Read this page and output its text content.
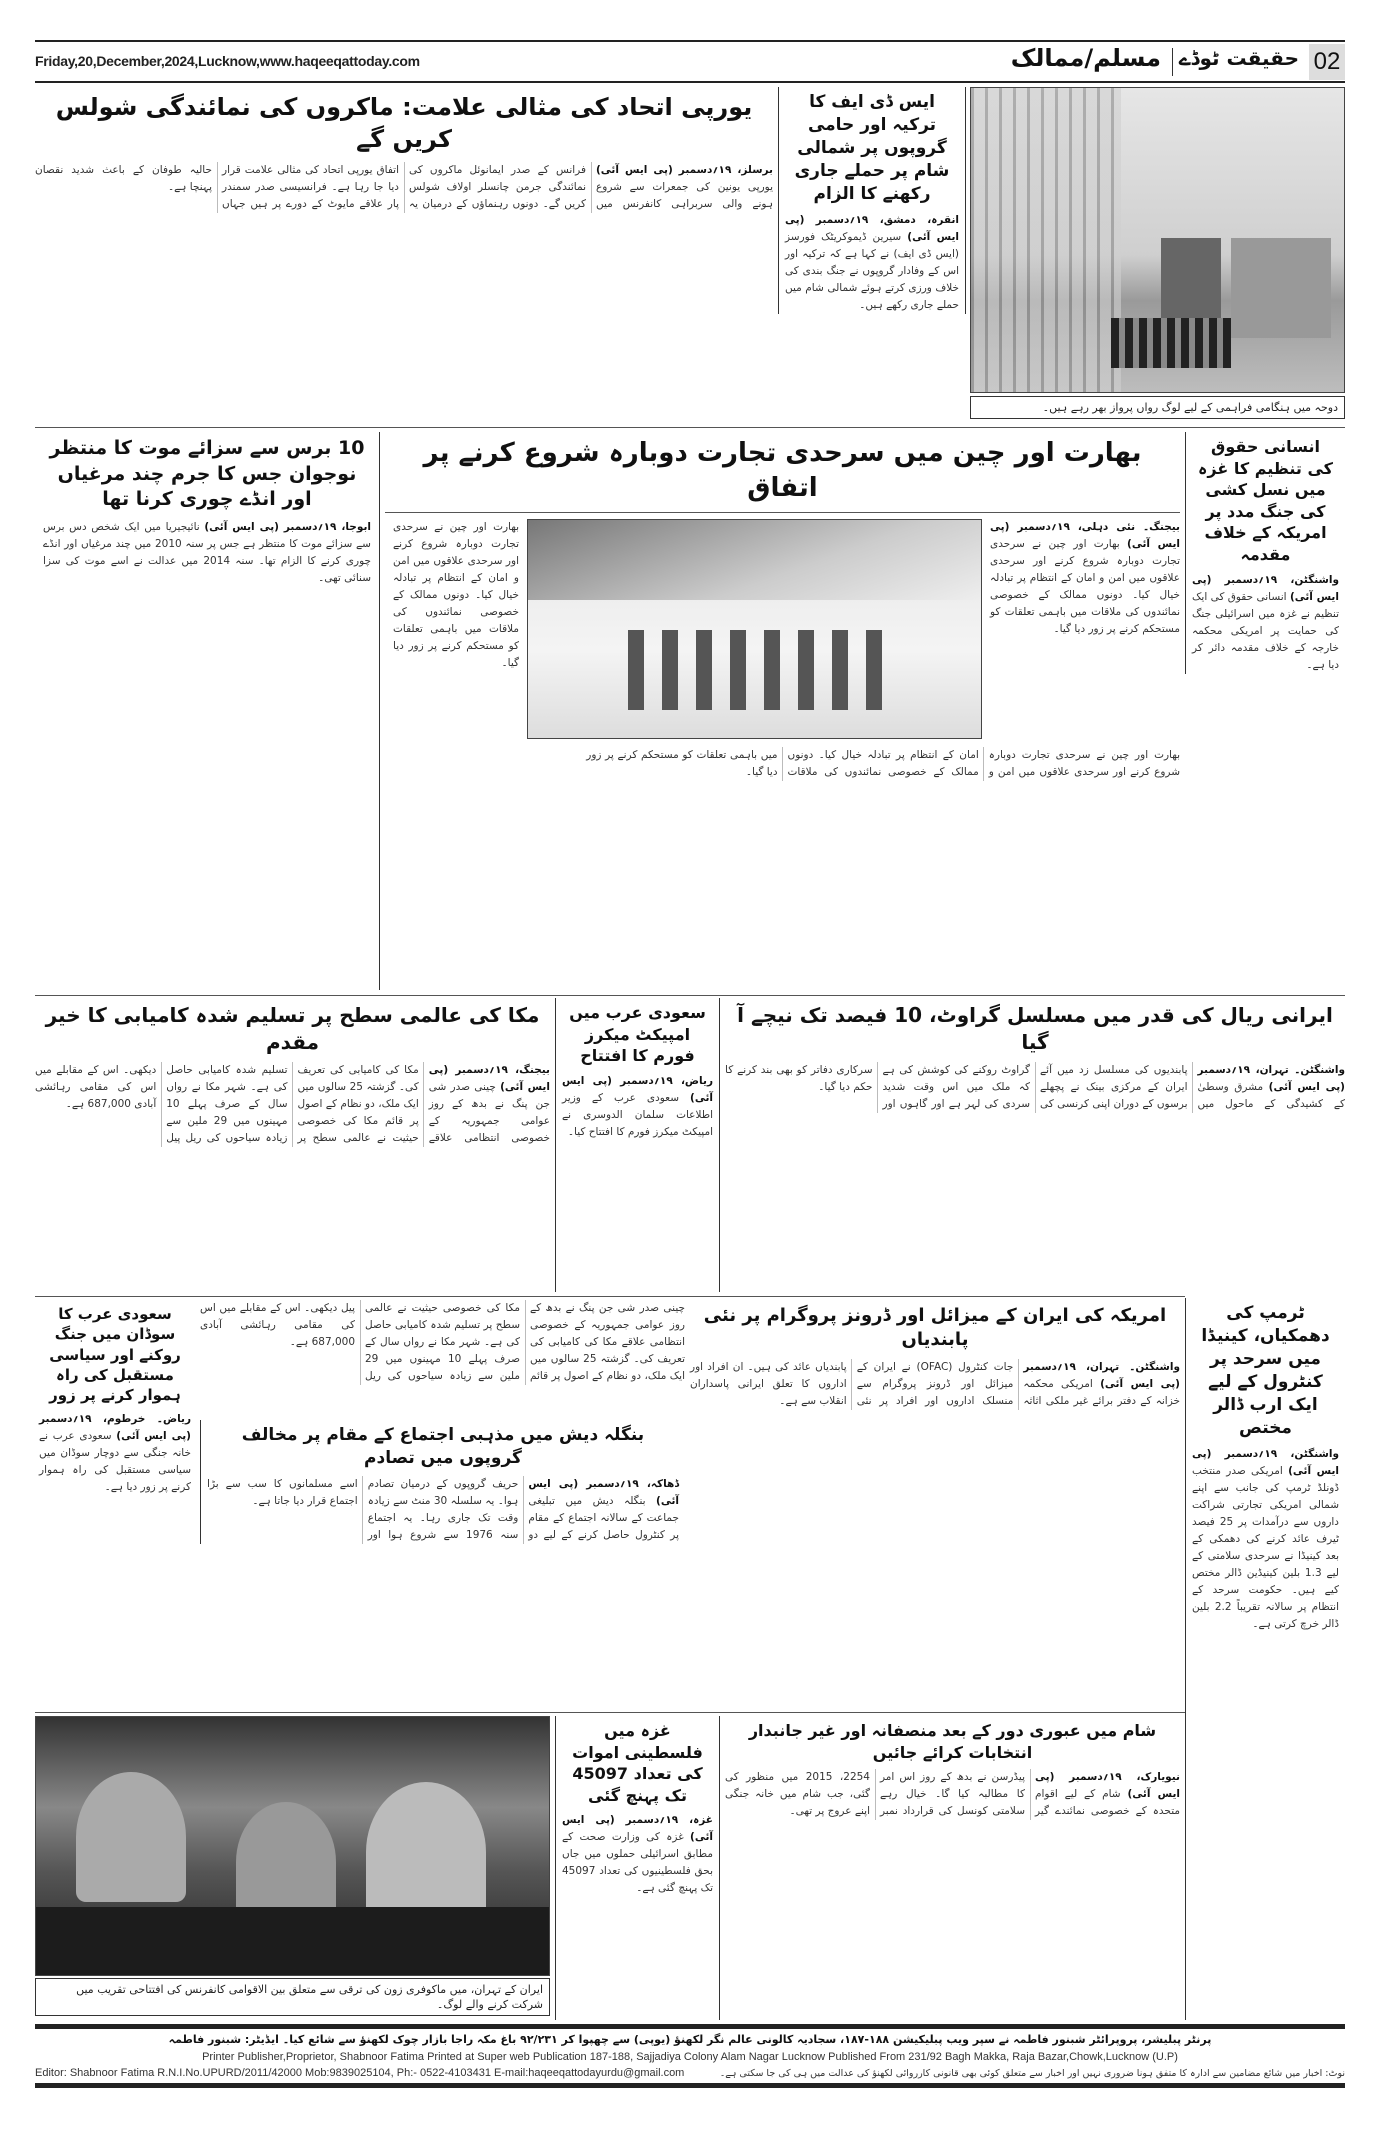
Friday,20,December,2024,Lucknow,www.haqeeqattoday.com	02
حقیقت ٹوڈے
مسلم/ممالک
دوحہ میں ہنگامی فراہمی کے لیے لوگ رواں پرواز بھر رہے ہیں۔
ایس ڈی ایف کا ترکیہ اور حامی گروپوں پر شمالی شام پر حملے جاری رکھنے کا الزام
انقرہ، دمشق، ۱۹؍دسمبر (پی ایس آئی) سیرین ڈیموکریٹک فورسز (ایس ڈی ایف) نے کہا ہے کہ ترکیہ اور اس کے وفادار گروپوں نے جنگ بندی کی خلاف ورزی کرتے ہوئے شمالی شام میں حملے جاری رکھے ہیں۔
یورپی اتحاد کی مثالی علامت: ماکروں کی نمائندگی شولس کریں گے
برسلز، ۱۹؍دسمبر (پی ایس آئی) یورپی یونین کی جمعرات سے شروع ہونے والی سربراہی کانفرنس میں فرانس کے صدر ایمانوئل ماکروں کی نمائندگی جرمن چانسلر اولاف شولس کریں گے۔ دونوں رہنماؤں کے درمیان یہ اتفاق یورپی اتحاد کی مثالی علامت قرار دیا جا رہا ہے۔ فرانسیسی صدر سمندر پار علاقے مایوٹ کے دورے پر ہیں جہاں حالیہ طوفان کے باعث شدید نقصان پہنچا ہے۔
انسانی حقوق کی تنظیم کا غزہ میں نسل کشی کی جنگ مدد پر امریکہ کے خلاف مقدمہ
واشنگٹن، ۱۹؍دسمبر (پی ایس آئی) انسانی حقوق کی ایک تنظیم نے غزہ میں اسرائیلی جنگ کی حمایت پر امریکی محکمہ خارجہ کے خلاف مقدمہ دائر کر دیا ہے۔
بھارت اور چین میں سرحدی تجارت دوبارہ شروع کرنے پر اتفاق
بیجنگ۔ نئی دہلی، ۱۹؍دسمبر (پی ایس آئی) بھارت اور چین نے سرحدی تجارت دوبارہ شروع کرنے اور سرحدی علاقوں میں امن و امان کے انتظام پر تبادلہ خیال کیا۔ دونوں ممالک کے خصوصی نمائندوں کی ملاقات میں باہمی تعلقات کو مستحکم کرنے پر زور دیا گیا۔
بھارت اور چین نے سرحدی تجارت دوبارہ شروع کرنے اور سرحدی علاقوں میں امن و امان کے انتظام پر تبادلہ خیال کیا۔ دونوں ممالک کے خصوصی نمائندوں کی ملاقات میں باہمی تعلقات کو مستحکم کرنے پر زور دیا گیا۔
بھارت اور چین نے سرحدی تجارت دوبارہ شروع کرنے اور سرحدی علاقوں میں امن و امان کے انتظام پر تبادلہ خیال کیا۔ دونوں ممالک کے خصوصی نمائندوں کی ملاقات میں باہمی تعلقات کو مستحکم کرنے پر زور دیا گیا۔
10 برس سے سزائے موت کا منتظر نوجوان جس کا جرم چند مرغیاں اور انڈے چوری کرنا تھا
ابوجا، ۱۹؍دسمبر (پی ایس آئی) نائیجیریا میں ایک شخص دس برس سے سزائے موت کا منتظر ہے جس پر سنہ 2010 میں چند مرغیاں اور انڈے چوری کرنے کا الزام تھا۔ سنہ 2014 میں عدالت نے اسے موت کی سزا سنائی تھی۔
ایرانی ریال کی قدر میں مسلسل گراوٹ، 10 فیصد تک نیچے آ گیا
واشنگٹن۔ تہران، ۱۹؍دسمبر (پی ایس آئی) مشرق وسطیٰ کے کشیدگی کے ماحول میں پابندیوں کی مسلسل زد میں آئے ایران کے مرکزی بینک نے پچھلے برسوں کے دوران اپنی کرنسی کی گراوٹ روکنے کی کوشش کی ہے کہ ملک میں اس وقت شدید سردی کی لہر ہے اور گاہوں اور سرکاری دفاتر کو بھی بند کرنے کا حکم دیا گیا۔
سعودی عرب میں امپیکٹ میکرز فورم کا افتتاح
ریاض، ۱۹؍دسمبر (پی ایس آئی) سعودی عرب کے وزیر اطلاعات سلمان الدوسری نے امپیکٹ میکرز فورم کا افتتاح کیا۔
مکا کی عالمی سطح پر تسلیم شدہ کامیابی کا خیر مقدم
بیجنگ، ۱۹؍دسمبر (پی ایس آئی) چینی صدر شی جن پنگ نے بدھ کے روز عوامی جمہوریہ کے خصوصی انتظامی علاقے مکا کی کامیابی کی تعریف کی۔ گزشتہ 25 سالوں میں ایک ملک، دو نظام کے اصول پر قائم مکا کی خصوصی حیثیت نے عالمی سطح پر تسلیم شدہ کامیابی حاصل کی ہے۔ شہر مکا نے رواں سال کے صرف پہلے 10 مہینوں میں 29 ملین سے زیادہ سیاحوں کی ریل پیل دیکھی۔ اس کے مقابلے میں اس کی مقامی رہائشی آبادی 687,000 ہے۔
ٹرمپ کی دھمکیاں، کینیڈا میں سرحد پر کنٹرول کے لیے ایک ارب ڈالر مختص
واشنگٹن، ۱۹؍دسمبر (پی ایس آئی) امریکی صدر منتخب ڈونلڈ ٹرمپ کی جانب سے اپنے شمالی امریکی تجارتی شراکت داروں سے درآمدات پر 25 فیصد ٹیرف عائد کرنے کی دھمکی کے بعد کینیڈا نے سرحدی سلامتی کے لیے 1.3 بلین کینیڈین ڈالر مختص کیے ہیں۔ حکومت سرحد کے انتظام پر سالانہ تقریباً 2.2 بلین ڈالر خرچ کرتی ہے۔
امریکہ کی ایران کے میزائل اور ڈرونز پروگرام پر نئی پابندیاں
واشنگٹن۔ تہران، ۱۹؍دسمبر (پی ایس آئی) امریکی محکمہ خزانہ کے دفتر برائے غیر ملکی اثاثہ جات کنٹرول (OFAC) نے ایران کے میزائل اور ڈرونز پروگرام سے منسلک اداروں اور افراد پر نئی پابندیاں عائد کی ہیں۔ ان افراد اور اداروں کا تعلق ایرانی پاسداران انقلاب سے ہے۔
چینی صدر شی جن پنگ نے بدھ کے روز عوامی جمہوریہ کے خصوصی انتظامی علاقے مکا کی کامیابی کی تعریف کی۔ گزشتہ 25 سالوں میں ایک ملک، دو نظام کے اصول پر قائم مکا کی خصوصی حیثیت نے عالمی سطح پر تسلیم شدہ کامیابی حاصل کی ہے۔ شہر مکا نے رواں سال کے صرف پہلے 10 مہینوں میں 29 ملین سے زیادہ سیاحوں کی ریل پیل دیکھی۔ اس کے مقابلے میں اس کی مقامی رہائشی آبادی 687,000 ہے۔
بنگلہ دیش میں مذہبی اجتماع کے مقام پر مخالف گروپوں میں تصادم
ڈھاکہ، ۱۹؍دسمبر (پی ایس آئی) بنگلہ دیش میں تبلیغی جماعت کے سالانہ اجتماع کے مقام پر کنٹرول حاصل کرنے کے لیے دو حریف گروپوں کے درمیان تصادم ہوا۔ یہ سلسلہ 30 منٹ سے زیادہ وقت تک جاری رہا۔ یہ اجتماع سنہ 1976 سے شروع ہوا اور اسے مسلمانوں کا سب سے بڑا اجتماع قرار دیا جاتا ہے۔
سعودی عرب کا سوڈان میں جنگ روکنے اور سیاسی مستقبل کی راہ ہموار کرنے پر زور
ریاض۔ خرطوم، ۱۹؍دسمبر (پی ایس آئی) سعودی عرب نے خانہ جنگی سے دوچار سوڈان میں سیاسی مستقبل کی راہ ہموار کرنے پر زور دیا ہے۔
ایران کے تہران، میں ماکوفری زون کی ترقی سے متعلق بین الاقوامی کانفرنس کی افتتاحی تقریب میں شرکت کرنے والے لوگ۔
غزہ میں فلسطینی اموات کی تعداد 45097 تک پہنچ گئی
غزہ، ۱۹؍دسمبر (پی ایس آئی) غزہ کی وزارت صحت کے مطابق اسرائیلی حملوں میں جاں بحق فلسطینیوں کی تعداد 45097 تک پہنچ گئی ہے۔
شام میں عبوری دور کے بعد منصفانہ اور غیر جانبدار انتخابات کرائے جائیں
نیویارک، ۱۹؍دسمبر (پی ایس آئی) شام کے لیے اقوام متحدہ کے خصوصی نمائندے گیر پیڈرسن نے بدھ کے روز اس امر کا مطالبہ کیا گا۔ خیال رہے سلامتی کونسل کی قرارداد نمبر 2254، 2015 میں منظور کی گئی، جب شام میں خانہ جنگی اپنے عروج پر تھی۔
پرنٹر پبلیشر، پروپرائٹر شبنور فاطمہ نے سپر ویب پبلیکیشن ۱۸۸-۱۸۷، سجادیہ کالونی عالم نگر لکھنؤ (یوپی) سے چھپوا کر ۹۲/۲۳۱ باغ مکہ راجا بازار چوک لکھنؤ سے شائع کیا۔ ایڈیٹر: شبنور فاطمہ
Printer Publisher,Proprietor, Shabnoor Fatima Printed at Super web Publication 187-188, Sajjadiya Colony Alam Nagar Lucknow Published From 231/92 Bagh Makka, Raja Bazar,Chowk,Lucknow (U.P)
Editor: Shabnoor Fatima R.N.I.No.UPURD/2011/42000 Mob:9839025104, Ph:- 0522-4103431 E-mail:haqeeqattodayurdu@gmail.com	نوٹ: اخبار میں شائع مضامین سے ادارہ کا متفق ہونا ضروری نہیں اور اخبار سے متعلق کوئی بھی قانونی کارروائی لکھنؤ کی عدالت میں ہی کی جا سکتی ہے۔
